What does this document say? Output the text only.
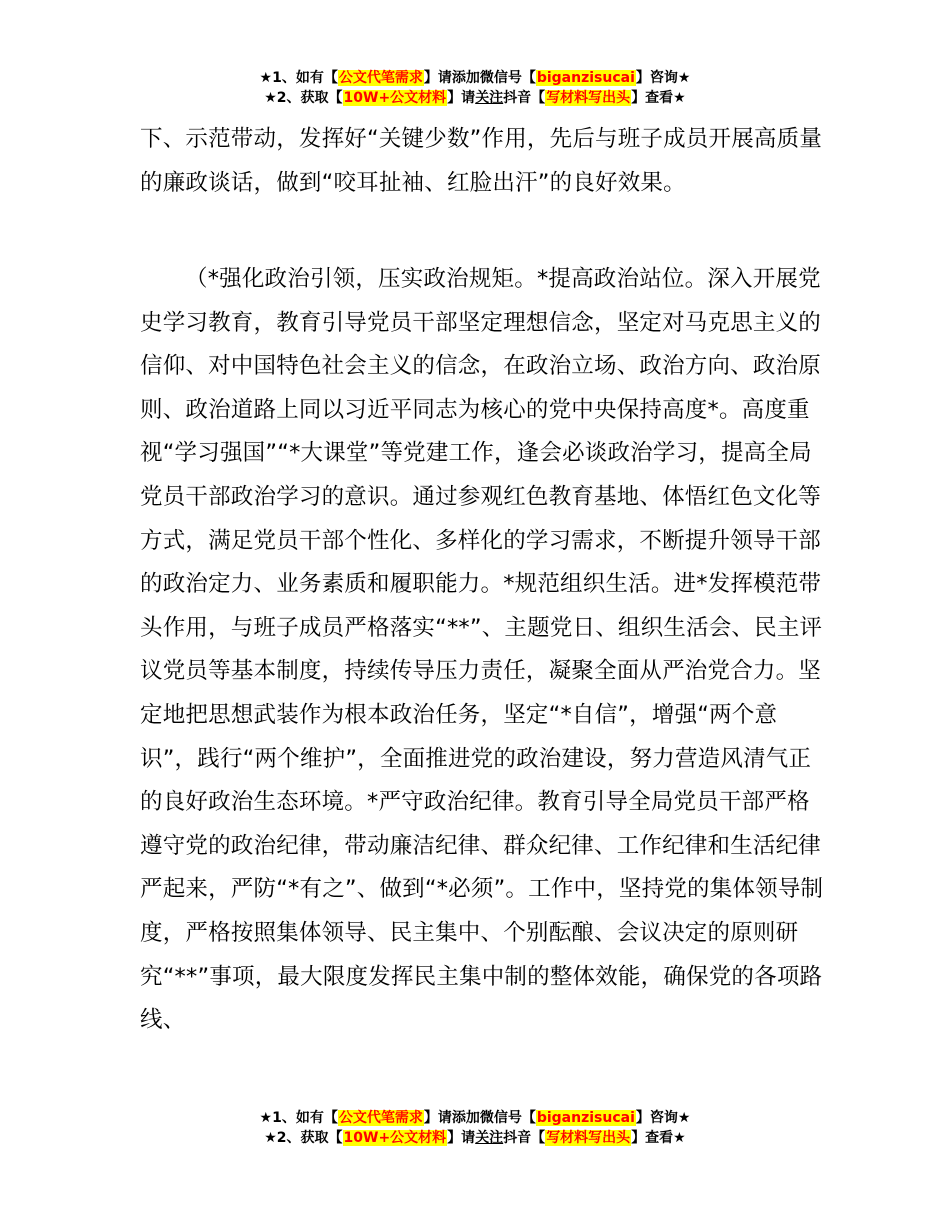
★1、如有【公文代笔需求】请添加微信号【biganzisucai】咨询★
★2、获取【10W+公文材料】请关注抖音【写材料写出头】查看★

下、示范带动，发挥好“关键少数”作用，先后与班子成员开展高质量的廉政谈话，做到“咬耳扯袖、红脸出汗”的良好效果。

（*强化政治引领，压实政治规矩。*提高政治站位。深入开展党史学习教育，教育引导党员干部坚定理想信念，坚定对马克思主义的信仰、对中国特色社会主义的信念，在政治立场、政治方向、政治原则、政治道路上同以习近平同志为核心的党中央保持高度*。高度重视“学习强国”“*大课堂”等党建工作，逢会必谈政治学习，提高全局党员干部政治学习的意识。通过参观红色教育基地、体悟红色文化等方式，满足党员干部个性化、多样化的学习需求，不断提升领导干部的政治定力、业务素质和履职能力。*规范组织生活。进*发挥模范带头作用，与班子成员严格落实“**”、主题党日、组织生活会、民主评议党员等基本制度，持续传导压力责任，凝聚全面从严治党合力。坚定地把思想武装作为根本政治任务，坚定“*自信”，增强“两个意识”，践行“两个维护”，全面推进党的政治建设，努力营造风清气正的良好政治生态环境。*严守政治纪律。教育引导全局党员干部严格遵守党的政治纪律，带动廉洁纪律、群众纪律、工作纪律和生活纪律严起来，严防“*有之”、做到“*必须”。工作中，坚持党的集体领导制度，严格按照集体领导、民主集中、个别酝酿、会议决定的原则研究“**”事项，最大限度发挥民主集中制的整体效能，确保党的各项路线、

★1、如有【公文代笔需求】请添加微信号【biganzisucai】咨询★
★2、获取【10W+公文材料】请关注抖音【写材料写出头】查看★
